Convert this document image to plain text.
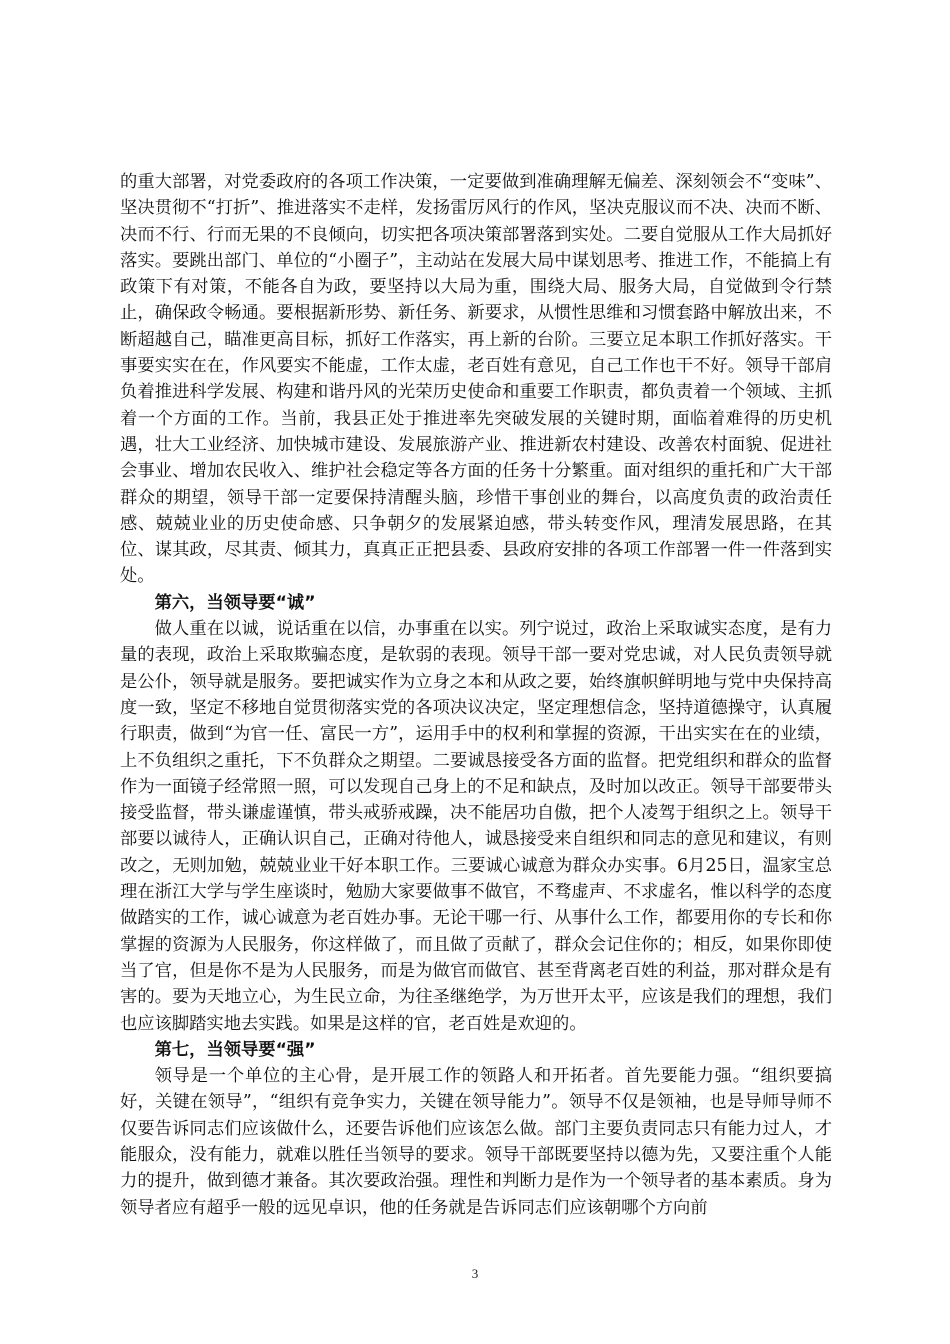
的重大部署，对党委政府的各项工作决策，一定要做到准确理解无偏差、深刻领会不“变味”、坚决贯彻不“打折”、推进落实不走样，发扬雷厉风行的作风，坚决克服议而不决、决而不断、决而不行、行而无果的不良倾向，切实把各项决策部署落到实处。二要自觉服从工作大局抓好落实。要跳出部门、单位的“小圈子”，主动站在发展大局中谋划思考、推进工作，不能搞上有政策下有对策，不能各自为政，要坚持以大局为重，围绕大局、服务大局，自觉做到令行禁止，确保政令畅通。要根据新形势、新任务、新要求，从惯性思维和习惯套路中解放出来，不断超越自己，瞄准更高目标，抓好工作落实，再上新的台阶。三要立足本职工作抓好落实。干事要实实在在，作风要实不能虚，工作太虚，老百姓有意见，自己工作也干不好。领导干部肩负着推进科学发展、构建和谐丹风的光荣历史使命和重要工作职责，都负责着一个领域、主抓着一个方面的工作。当前，我县正处于推进率先突破发展的关键时期，面临着难得的历史机遇，壮大工业经济、加快城市建设、发展旅游产业、推进新农村建设、改善农村面貌、促进社会事业、增加农民收入、维护社会稳定等各方面的任务十分繁重。面对组织的重托和广大干部群众的期望，领导干部一定要保持清醒头脑，珍惜干事创业的舞台，以高度负责的政治责任感、兢兢业业的历史使命感、只争朝夕的发展紧迫感，带头转变作风，理清发展思路，在其位、谋其政，尽其责、倾其力，真真正正把县委、县政府安排的各项工作部署一件一件落到实处。

第六，当领导要“诚”

做人重在以诚，说话重在以信，办事重在以实。列宁说过，政治上采取诚实态度，是有力量的表现，政治上采取欺骗态度，是软弱的表现。领导干部一要对党忠诚，对人民负责领导就是公仆，领导就是服务。要把诚实作为立身之本和从政之要，始终旗帜鲜明地与党中央保持高度一致，坚定不移地自觉贯彻落实党的各项决议决定，坚定理想信念，坚持道德操守，认真履行职责，做到“为官一任、富民一方”，运用手中的权利和掌握的资源，干出实实在在的业绩，上不负组织之重托，下不负群众之期望。二要诚恳接受各方面的监督。把党组织和群众的监督作为一面镜子经常照一照，可以发现自己身上的不足和缺点，及时加以改正。领导干部要带头接受监督，带头谦虚谨慎，带头戒骄戒躁，决不能居功自傲，把个人凌驾于组织之上。领导干部要以诚待人，正确认识自己，正确对待他人，诚恳接受来自组织和同志的意见和建议，有则改之，无则加勉，兢兢业业干好本职工作。三要诚心诚意为群众办实事。6月25日，温家宝总理在浙江大学与学生座谈时，勉励大家要做事不做官，不骛虚声、不求虚名，惟以科学的态度做踏实的工作，诚心诚意为老百姓办事。无论干哪一行、从事什么工作，都要用你的专长和你掌握的资源为人民服务，你这样做了，而且做了贡献了，群众会记住你的；相反，如果你即使当了官，但是你不是为人民服务，而是为做官而做官、甚至背离老百姓的利益，那对群众是有害的。要为天地立心，为生民立命，为往圣继绝学，为万世开太平，应该是我们的理想，我们也应该脚踏实地去实践。如果是这样的官，老百姓是欢迎的。

第七，当领导要“强”

领导是一个单位的主心骨，是开展工作的领路人和开拓者。首先要能力强。“组织要搞好，关键在领导”，“组织有竞争实力，关键在领导能力”。领导不仅是领袖，也是导师导师不仅要告诉同志们应该做什么，还要告诉他们应该怎么做。部门主要负责同志只有能力过人，才能服众，没有能力，就难以胜任当领导的要求。领导干部既要坚持以德为先，又要注重个人能力的提升，做到德才兼备。其次要政治强。理性和判断力是作为一个领导者的基本素质。身为领导者应有超乎一般的远见卓识，他的任务就是告诉同志们应该朝哪个方向前

3
